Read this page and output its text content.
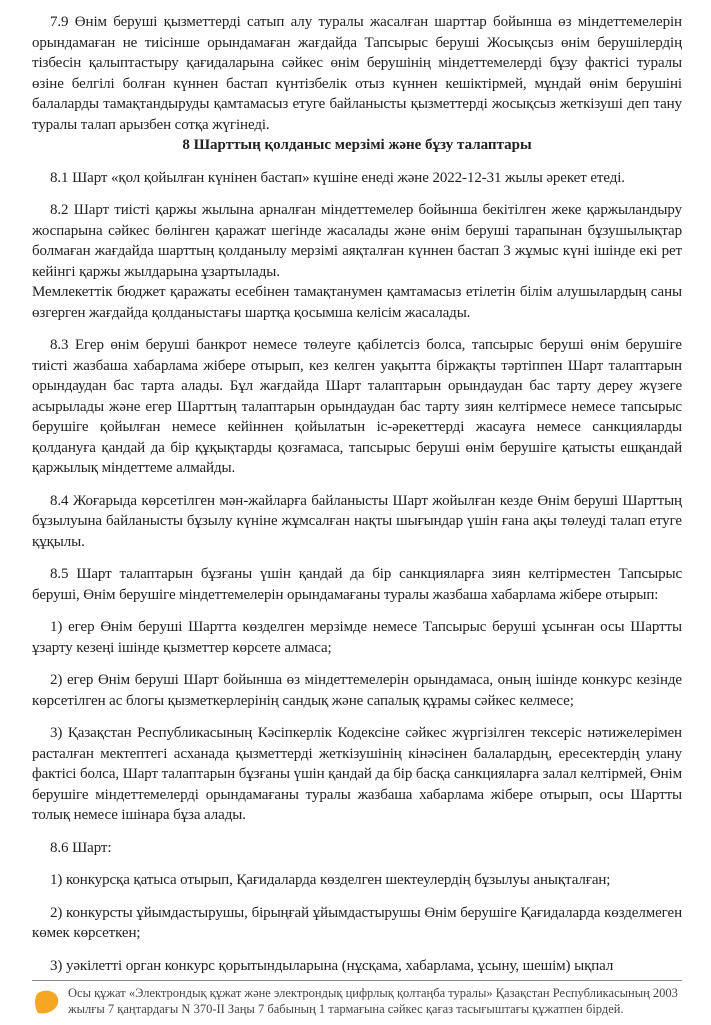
7.9 Өнім беруші қызметтерді сатып алу туралы жасалған шарттар бойынша өз міндеттемелерін орындамаған не тиісінше орындамаған жағдайда Тапсырыс беруші Жосықсыз өнім берушілердің тізбесін қалыптастыру қағидаларына сәйкес өнім берушінің міндеттемелерді бұзу фактісі туралы өзіне белгілі болған күннен бастап күнтізбелік отыз күннен кешіктірмей, мұндай өнім берушіні балаларды тамақтандыруды қамтамасыз етуге байланысты қызметтерді жосықсыз жеткізуші деп тану туралы талап арызбен сотқа жүгінеді.

8 Шарттың қолданыс мерзімі және бұзу талаптары

8.1 Шарт «қол қойылған күнінен бастап» күшіне енеді және 2022-12-31 жылы әрекет етеді.

8.2 Шарт тиісті қаржы жылына арналған міндеттемелер бойынша бекітілген жеке қаржыландыру жоспарына сәйкес бөлінген қаражат шегінде жасалады және өнім беруші тарапынан бұзушылықтар болмаған жағдайда шарттың қолданылу мерзімі аяқталған күннен бастап 3 жұмыс күні ішінде екі рет кейінгі қаржы жылдарына ұзартылады.

Мемлекеттік бюджет қаражаты есебінен тамақтанумен қамтамасыз етілетін білім алушылардың саны өзгерген жағдайда қолданыстағы шартқа қосымша келісім жасалады.

8.3 Егер өнім беруші банкрот немесе төлеуге қабілетсіз болса, тапсырыс беруші өнім берушіге тиісті жазбаша хабарлама жібере отырып, кез келген уақытта біржақты тәртіппен Шарт талаптарын орындаудан бас тарта алады. Бұл жағдайда Шарт талаптарын орындаудан бас тарту дереу жүзеге асырылады және егер Шарттың талаптарын орындаудан бас тарту зиян келтірмесе немесе тапсырыс берушіге қойылған немесе кейіннен қойылатын іс-әрекеттерді жасауға немесе санкцияларды қолдануға қандай да бір құқықтарды қозғамаса, тапсырыс беруші өнім берушіге қатысты ешқандай қаржылық міндеттеме алмайды.

8.4 Жоғарыда көрсетілген мән-жайларға байланысты Шарт жойылған кезде Өнім беруші Шарттың бұзылуына байланысты бұзылу күніне жұмсалған нақты шығындар үшін ғана ақы төлеуді талап етуге құқылы.

8.5 Шарт талаптарын бұзғаны үшін қандай да бір санкцияларға зиян келтірместен Тапсырыс беруші, Өнім берушіге міндеттемелерін орындамағаны туралы жазбаша хабарлама жібере отырып:

1) егер Өнім беруші Шартта көзделген мерзімде немесе Тапсырыс беруші ұсынған осы Шартты ұзарту кезеңі ішінде қызметтер көрсете алмаса;

2) егер Өнім беруші Шарт бойынша өз міндеттемелерін орындамаса, оның ішінде конкурс кезінде көрсетілген ас блогы қызметкерлерінің сандық және сапалық құрамы сәйкес келмесе;

3) Қазақстан Республикасының Кәсіпкерлік Кодексіне сәйкес жүргізілген тексеріс нәтижелерімен расталған мектептегі асханада қызметтерді жеткізушінің кінәсінен балалардың, ересектердің улану фактісі болса, Шарт талаптарын бұзғаны үшін қандай да бір басқа санкцияларға залал келтірмей, Өнім берушіге міндеттемелерді орындамағаны туралы жазбаша хабарлама жібере отырып, осы Шартты толық немесе ішінара бұза алады.

8.6 Шарт:

1) конкурсқа қатыса отырып, Қағидаларда көзделген шектеулердің бұзылуы анықталған;

2) конкурсты ұйымдастырушы, бірыңғай ұйымдастырушы Өнім берушіге Қағидаларда көзделмеген көмек көрсеткен;

3) уәкілетті орган конкурс қорытындыларына (нұсқама, хабарлама, ұсыну, шешім) ықпал

Осы құжат «Электрондық құжат және электрондық цифрлық қолтаңба туралы» Қазақстан Республикасының 2003 жылғы 7 қаңтардағы N 370-II Заңы 7 бабының 1 тармағына сәйкес қағаз тасығыштағы құжатпен бірдей.
